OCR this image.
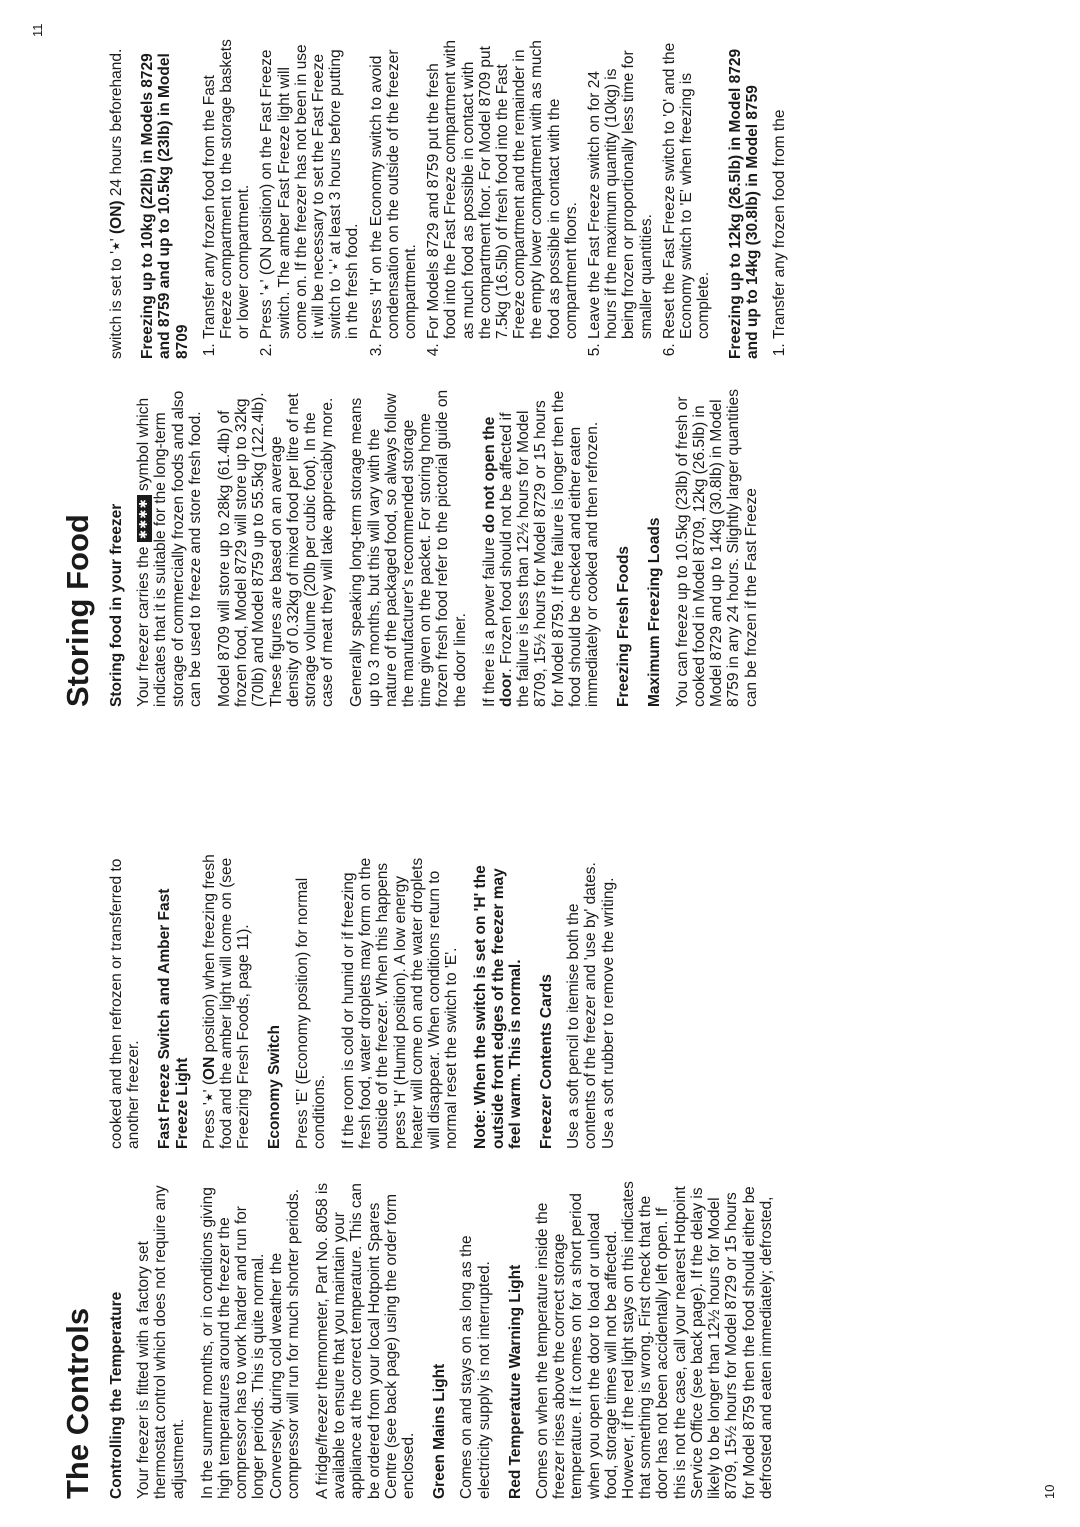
The Controls Controlling the Temperature Your freezer is fitted with a factory set thermostat control which does not require any adjustment. In the summer months, or in conditions giving high temperatures around the freezer the compressor has to work harder and run for longer periods. This is quite normal. Conversely, during cold weather the compressor will run for much shorter periods. A fridge/freezer thermometer, Part No. 8058 is available to ensure that you maintain your appliance at the correct temperature. This can be ordered from your local Hotpoint Spares Centre (see back page) using the order form enclosed. Green Mains Light Comes on and stays on as long as the electricity supply is not interrupted. Red Temperature Warning Light Comes on when the temperature inside the freezer rises above the correct storage temperature. If it comes on for a short period when you open the door to load or unload food, storage times will not be affected. However, if the red light stays on this indicates that something is wrong. First check that the door has not been accidentally left open. If this is not the case, call your nearest Hotpoint Service Office (see back page). If the delay is likely to be longer than 12½ hours for Model 8709, 15½ hours for Model 8729 or 15 hours for Model 8759 then the food should either be defrosted and eaten immediately; defrosted,

cooked and then refrozen or transferred to another freezer. Fast Freeze Switch and Amber Fast Freeze Light Press '⋆' (ON position) when freezing fresh food and the amber light will come on (see Freezing Fresh Foods, page 11). Economy Switch Press 'E' (Economy position) for normal conditions. If the room is cold or humid or if freezing fresh food, water droplets may form on the outside of the freezer. When this happens press 'H' (Humid position). A low energy heater will come on and the water droplets will disappear. When conditions return to normal reset the switch to 'E'. Note: When the switch is set on 'H' the outside front edges of the freezer may feel warm. This is normal. Freezer Contents Cards Use a soft pencil to itemise both the contents of the freezer and 'use by' dates. Use a soft rubber to remove the writing.

10
Storing Food Storing food in your freezer Your freezer carries the ✱✱✱✱ symbol which indicates that it is suitable for the long-term storage of commercially frozen foods and also can be used to freeze and store fresh food. Model 8709 will store up to 28kg (61.4lb) of frozen food, Model 8729 will store up to 32kg (70lb) and Model 8759 up to 55.5kg (122.4lb). These figures are based on an average density of 0.32kg of mixed food per litre of net storage volume (20lb per cubic foot). In the case of meat they will take appreciably more. Generally speaking long-term storage means up to 3 months, but this will vary with the nature of the packaged food, so always follow the manufacturer's recommended storage time given on the packet. For storing home frozen fresh food refer to the pictorial guide on the door liner. If there is a power failure do not open the door. Frozen food should not be affected if the failure is less than 12½ hours for Model 8709, 15½ hours for Model 8729 or 15 hours for Model 8759. If the failure is longer then the food should be checked and either eaten immediately or cooked and then refrozen. Freezing Fresh Foods Maximum Freezing Loads You can freeze up to 10.5kg (23lb) of fresh or cooked food in Model 8709, 12kg (26.5lb) in Model 8729 and up to 14kg (30.8lb) in Model 8759 in any 24 hours. Slightly larger quantities can be frozen if the Fast Freeze

switch is set to '⋆' (ON) 24 hours beforehand. Freezing up to 10kg (22lb) in Models 8729 and 8759 and up to 10.5kg (23lb) in Model 8709
1. Transfer any frozen food from the Fast Freeze compartment to the storage baskets or lower compartment. 2. Press '⋆' (ON position) on the Fast Freeze switch. The amber Fast Freeze light will come on. If the freezer has not been in use it will be necessary to set the Fast Freeze switch to '⋆' at least 3 hours before putting in the fresh food. 3. Press 'H' on the Economy switch to avoid condensation on the outside of the freezer compartment. 4. For Models 8729 and 8759 put the fresh food into the Fast Freeze compartment with as much food as possible in contact with the compartment floor. For Model 8709 put 7.5kg (16.5lb) of fresh food into the Fast Freeze compartment and the remainder in the empty lower compartment with as much food as possible in contact with the compartment floors. 5. Leave the Fast Freeze switch on for 24 hours if the maximum quantity (10kg) is being frozen or proportionally less time for smaller quantities. 6. Reset the Fast Freeze switch to 'O' and the Economy switch to 'E' when freezing is complete. Freezing up to 12kg (26.5lb) in Model 8729 and up to 14kg (30.8lb) in Model 8759 1. Transfer any frozen food from the
11
